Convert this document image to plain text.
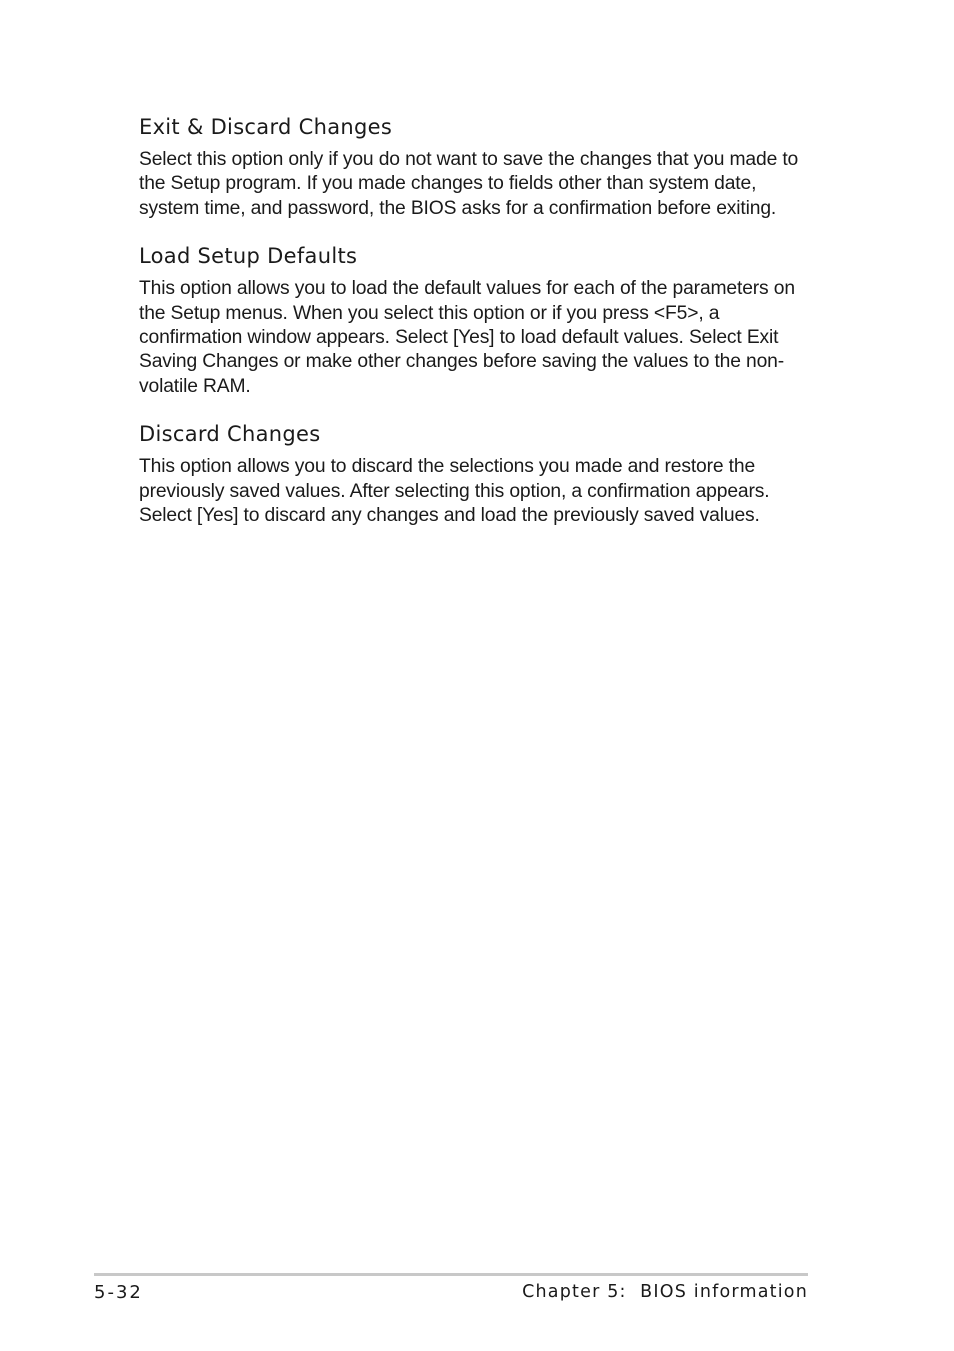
Exit & Discard Changes

Select this option only if you do not want to save the changes that you made to the Setup program. If you made changes to fields other than system date, system time, and password, the BIOS asks for a confirmation before exiting.

Load Setup Defaults

This option allows you to load the default values for each of the parameters on the Setup menus. When you select this option or if you press <F5>, a confirmation window appears. Select [Yes] to load default values. Select Exit Saving Changes or make other changes before saving the values to the non-volatile RAM.

Discard Changes

This option allows you to discard the selections you made and restore the previously saved values. After selecting this option, a confirmation appears. Select [Yes] to discard any changes and load the previously saved values.

5-32	Chapter 5:  BIOS information
